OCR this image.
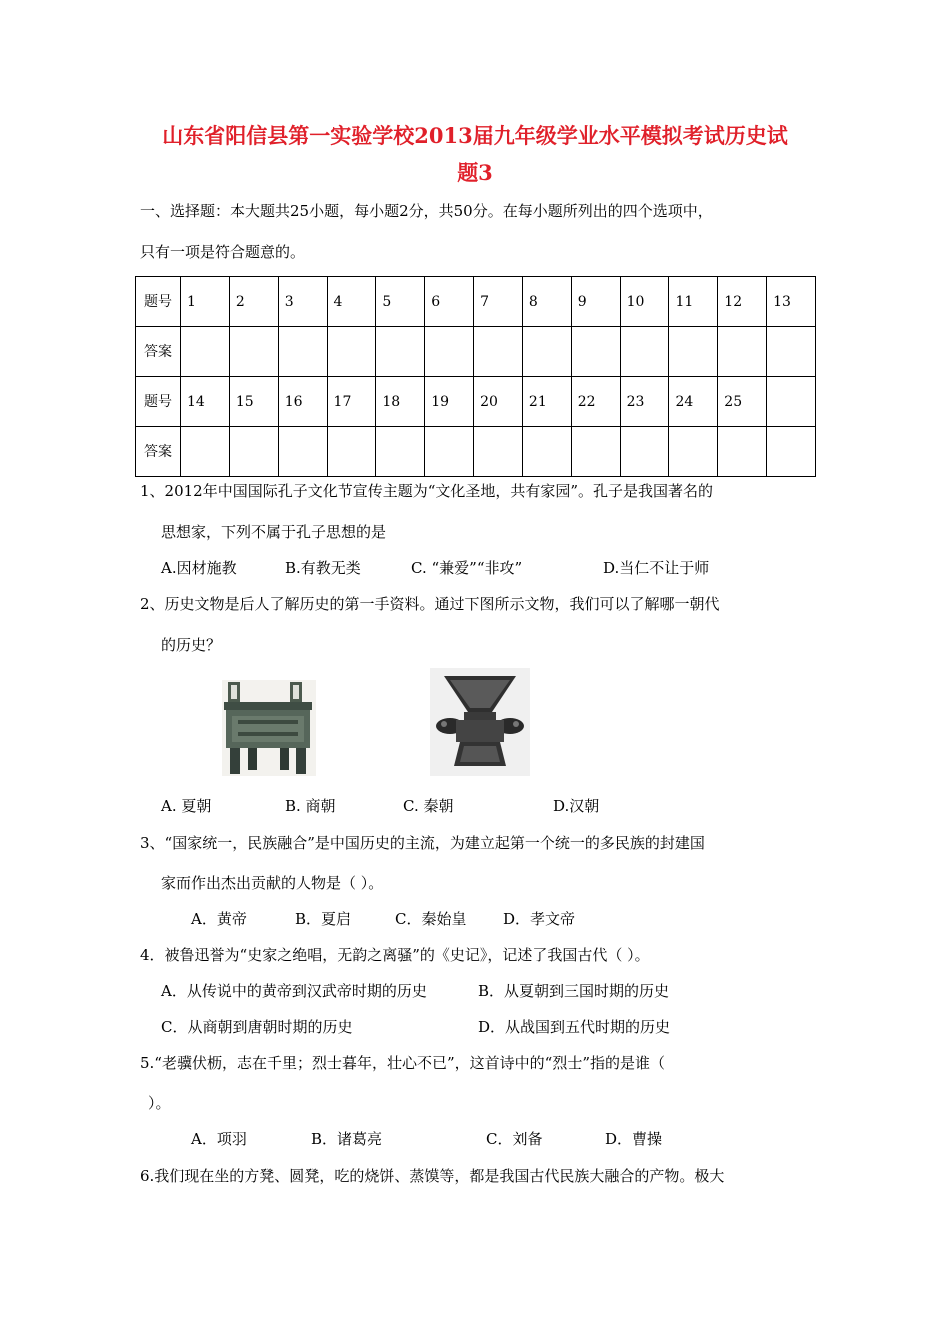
山东省阳信县第一实验学校2013届九年级学业水平模拟考试历史试
题3
一、选择题：本大题共25小题，每小题2分，共50分。在每小题所列出的四个选项中，
只有一项是符合题意的。
题号	1	2	3	4	5	6	7	8	9	10	11	12	13
答案													
题号	14	15	16	17	18	19	20	21	22	23	24	25	
答案													
1、2012年中国国际孔子文化节宣传主题为“文化圣地，共有家园”。孔子是我国著名的
思想家，下列不属于孔子思想的是
A.因材施教	B.有教无类	C. “兼爱”“非攻”	D.当仁不让于师
2、历史文物是后人了解历史的第一手资料。通过下图所示文物，我们可以了解哪一朝代
的历史？
A. 夏朝	B. 商朝	C. 秦朝	D.汉朝
3、“国家统一，民族融合”是中国历史的主流，为建立起第一个统一的多民族的封建国
家而作出杰出贡献的人物是（ ）。
A．黄帝	B．夏启	C．秦始皇 D．孝文帝
4．被鲁迅誉为“史家之绝唱，无韵之离骚”的《史记》，记述了我国古代（ ）。
A．从传说中的黄帝到汉武帝时期的历史	B．从夏朝到三国时期的历史
C．从商朝到唐朝时期的历史	D．从战国到五代时期的历史
5.“老骥伏枥，志在千里；烈士暮年，壮心不已”，这首诗中的“烈士”指的是谁（
）。
A．项羽	B．诸葛亮	C．刘备	D．曹操
6.我们现在坐的方凳、圆凳，吃的烧饼、蒸馍等，都是我国古代民族大融合的产物。极大
